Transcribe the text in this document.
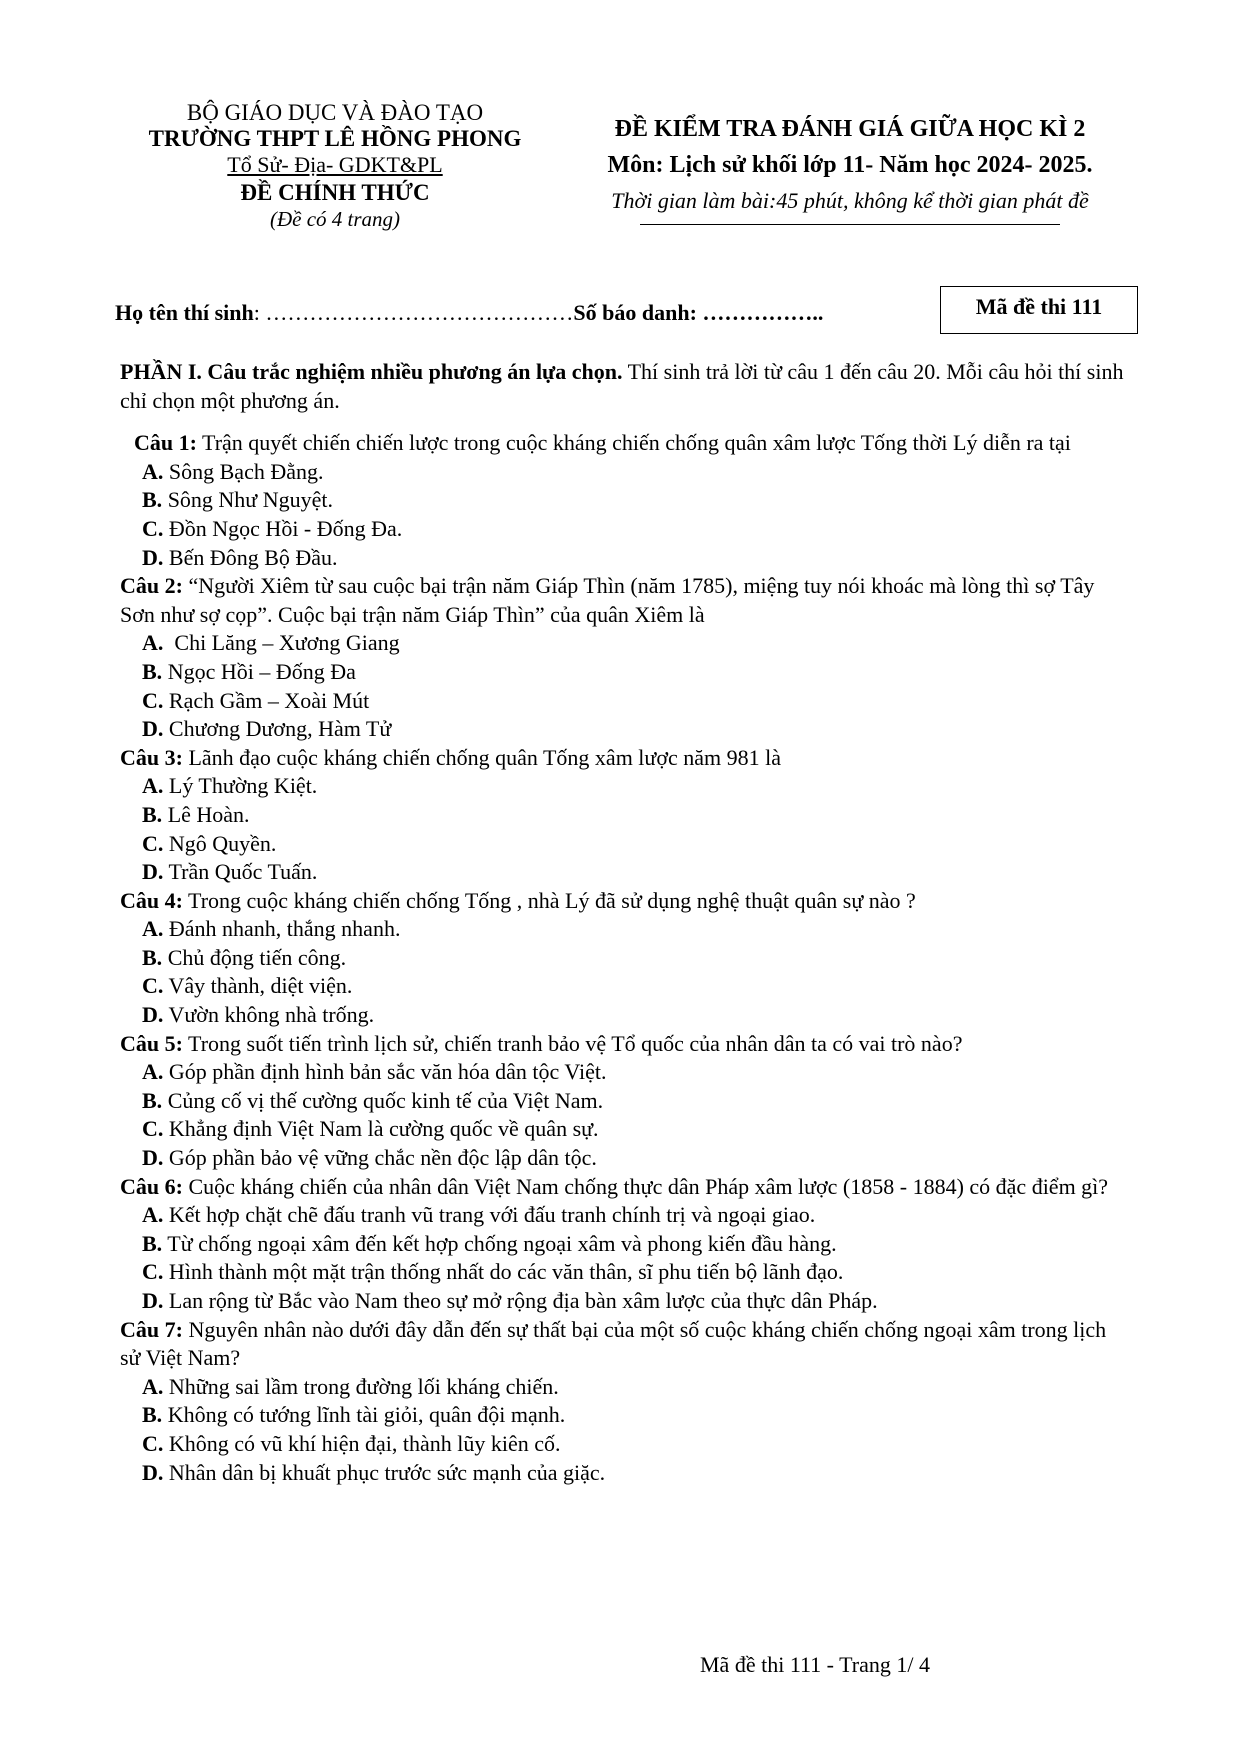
BỘ GIÁO DỤC VÀ ĐÀO TẠO
TRƯỜNG THPT LÊ HỒNG PHONG
Tổ Sử- Địa- GDKT&PL
ĐỀ CHÍNH THỨC
(Đề có 4 trang)
ĐỀ KIỂM TRA ĐÁNH GIÁ GIỮA HỌC KÌ 2
Môn: Lịch sử khối lớp 11- Năm học 2024- 2025.
Thời gian làm bài:45 phút, không kể thời gian phát đề
Họ tên thí sinh: ……………………………………Số báo danh: ……………..	Mã đề thi 111
PHẦN I. Câu trắc nghiệm nhiều phương án lựa chọn. Thí sinh trả lời từ câu 1 đến câu 20. Mỗi câu hỏi thí sinh chỉ chọn một phương án.
Câu 1: Trận quyết chiến chiến lược trong cuộc kháng chiến chống quân xâm lược Tống thời Lý diễn ra tại
A. Sông Bạch Đằng.
B. Sông Như Nguyệt.
C. Đồn Ngọc Hồi - Đống Đa.
D. Bến Đông Bộ Đầu.
Câu 2: “Người Xiêm từ sau cuộc bại trận năm Giáp Thìn (năm 1785), miệng tuy nói khoác mà lòng thì sợ Tây Sơn như sợ cọp”. Cuộc bại trận năm Giáp Thìn” của quân Xiêm là
A.  Chi Lăng – Xương Giang
B. Ngọc Hồi – Đống Đa
C. Rạch Gầm – Xoài Mút
D. Chương Dương, Hàm Tử
Câu 3: Lãnh đạo cuộc kháng chiến chống quân Tống xâm lược năm 981 là
A. Lý Thường Kiệt.
B. Lê Hoàn.
C. Ngô Quyền.
D. Trần Quốc Tuấn.
Câu 4: Trong cuộc kháng chiến chống Tống , nhà Lý đã sử dụng nghệ thuật quân sự nào ?
A. Đánh nhanh, thắng nhanh.
B. Chủ động tiến công.
C. Vây thành, diệt viện.
D. Vườn không nhà trống.
Câu 5: Trong suốt tiến trình lịch sử, chiến tranh bảo vệ Tổ quốc của nhân dân ta có vai trò nào?
A. Góp phần định hình bản sắc văn hóa dân tộc Việt.
B. Củng cố vị thế cường quốc kinh tế của Việt Nam.
C. Khẳng định Việt Nam là cường quốc về quân sự.
D. Góp phần bảo vệ vững chắc nền độc lập dân tộc.
Câu 6: Cuộc kháng chiến của nhân dân Việt Nam chống thực dân Pháp xâm lược (1858 - 1884) có đặc điểm gì?
A. Kết hợp chặt chẽ đấu tranh vũ trang với đấu tranh chính trị và ngoại giao.
B. Từ chống ngoại xâm đến kết hợp chống ngoại xâm và phong kiến đầu hàng.
C. Hình thành một mặt trận thống nhất do các văn thân, sĩ phu tiến bộ lãnh đạo.
D. Lan rộng từ Bắc vào Nam theo sự mở rộng địa bàn xâm lược của thực dân Pháp.
Câu 7: Nguyên nhân nào dưới đây dẫn đến sự thất bại của một số cuộc kháng chiến chống ngoại xâm trong lịch sử Việt Nam?
A. Những sai lầm trong đường lối kháng chiến.
B. Không có tướng lĩnh tài giỏi, quân đội mạnh.
C. Không có vũ khí hiện đại, thành lũy kiên cố.
D. Nhân dân bị khuất phục trước sức mạnh của giặc.
Mã đề thi 111 - Trang 1/ 4
